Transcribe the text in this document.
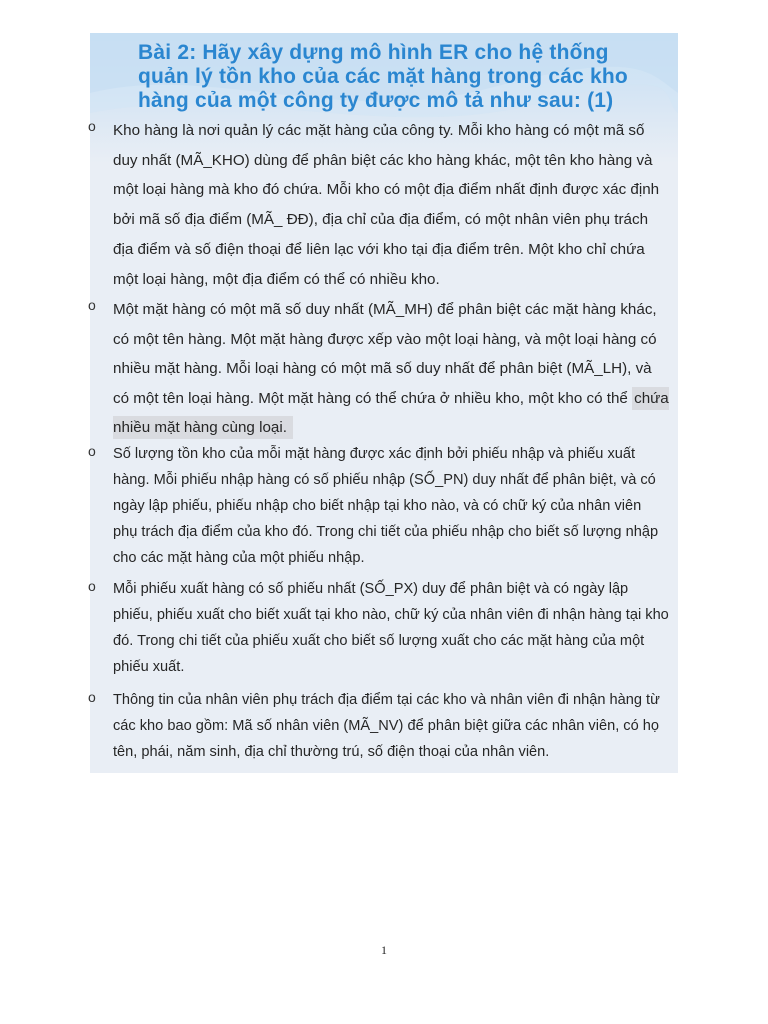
Bài 2: Hãy xây dựng mô hình ER cho hệ thống quản lý tồn kho của các mặt hàng trong các kho hàng của một công ty được mô tả như sau: (1)
o Kho hàng là nơi quản lý các mặt hàng của công ty. Mỗi kho hàng có một mã số duy nhất (MÃ_KHO) dùng để phân biệt các kho hàng khác, một tên kho hàng và một loại hàng mà kho đó chứa. Mỗi kho có một địa điểm nhất định được xác định bởi mã số địa điểm (MÃ_ ĐĐ), địa chỉ của địa điểm, có một nhân viên phụ trách địa điểm và số điện thoại để liên lạc với kho tại địa điểm trên. Một kho chỉ chứa một loại hàng, một địa điểm có thể có nhiều kho.
o Một mặt hàng có một mã số duy nhất (MÃ_MH) để phân biệt các mặt hàng khác, có một tên hàng. Một mặt hàng được xếp vào một loại hàng, và một loại hàng có nhiều mặt hàng. Mỗi loại hàng có một mã số duy nhất để phân biệt (MÃ_LH), và có một tên loại hàng. Một mặt hàng có thể chứa ở nhiều kho, một kho có thể chứa nhiều mặt hàng cùng loại.
o Số lượng tồn kho của mỗi mặt hàng được xác định bởi phiếu nhập và phiếu xuất hàng. Mỗi phiếu nhập hàng có số phiếu nhập (SỐ_PN) duy nhất để phân biệt, và có ngày lập phiếu, phiếu nhập cho biết nhập tại kho nào, và có chữ ký của nhân viên phụ trách địa điểm của kho đó. Trong chi tiết của phiếu nhập cho biết số lượng nhập cho các mặt hàng của một phiếu nhập.
o Mỗi phiếu xuất hàng có số phiếu nhất (SỐ_PX) duy để phân biệt và có ngày lập phiếu, phiếu xuất cho biết xuất tại kho nào, chữ ký của nhân viên đi nhận hàng tại kho đó. Trong chi tiết của phiếu xuất cho biết số lượng xuất cho các mặt hàng của một phiếu xuất.
o Thông tin của nhân viên phụ trách địa điểm tại các kho và nhân viên đi nhận hàng từ các kho bao gồm: Mã số nhân viên (MÃ_NV) để phân biệt giữa các nhân viên, có họ tên, phái, năm sinh, địa chỉ thường trú, số điện thoại của nhân viên.
1
